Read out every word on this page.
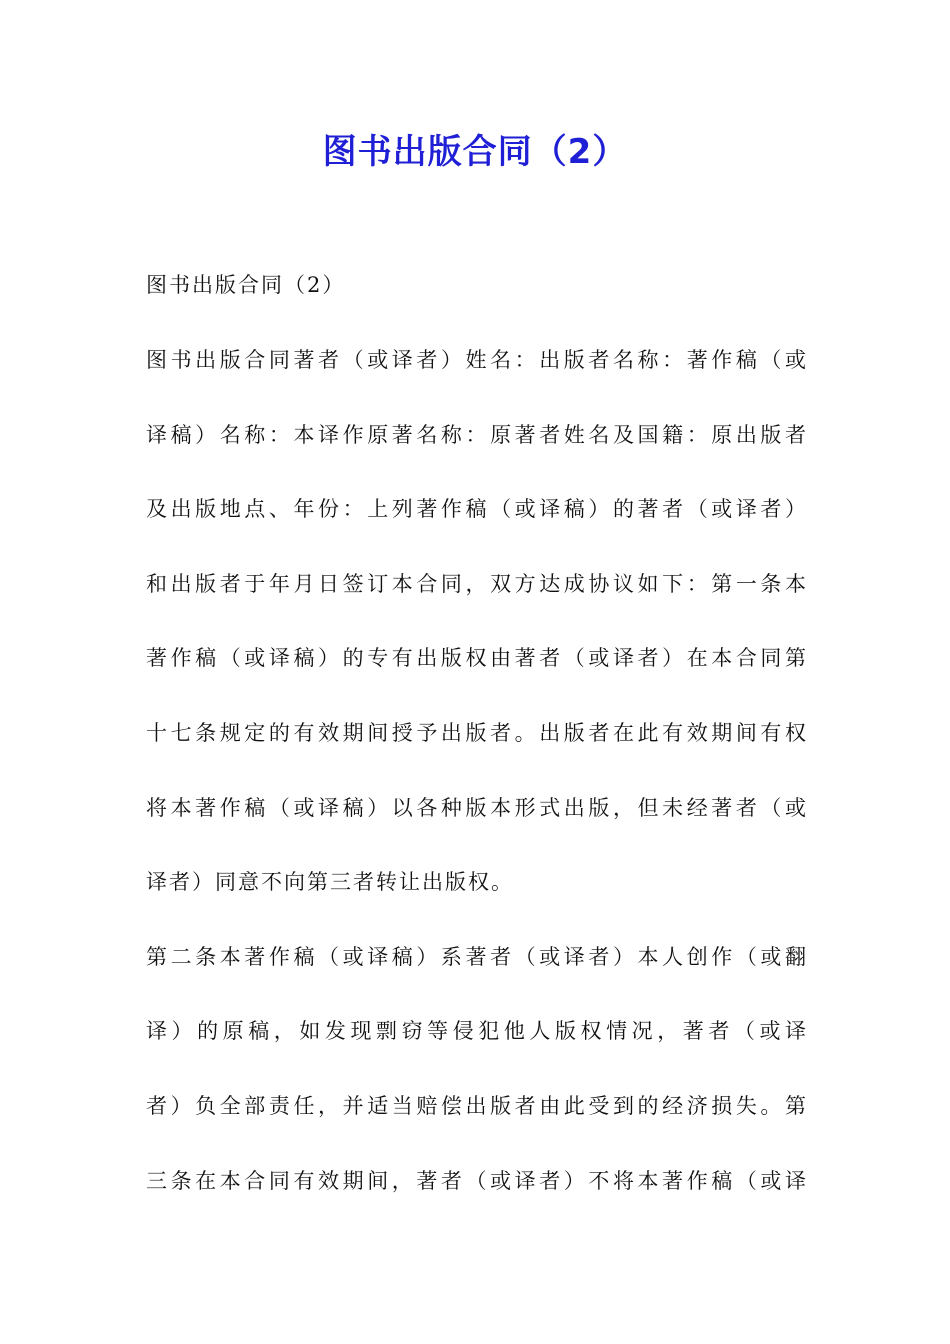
图书出版合同（2）
图书出版合同（2）
图书出版合同著者（或译者）姓名：出版者名称：著作稿（或
译稿）名称：本译作原著名称：原著者姓名及国籍：原出版者
及出版地点、年份：上列著作稿（或译稿）的著者（或译者）
和出版者于年月日签订本合同，双方达成协议如下：第一条本
著作稿（或译稿）的专有出版权由著者（或译者）在本合同第
十七条规定的有效期间授予出版者。出版者在此有效期间有权
将本著作稿（或译稿）以各种版本形式出版，但未经著者（或
译者）同意不向第三者转让出版权。
第二条本著作稿（或译稿）系著者（或译者）本人创作（或翻
译）的原稿，如发现剽窃等侵犯他人版权情况，著者（或译
者）负全部责任，并适当赔偿出版者由此受到的经济损失。第
三条在本合同有效期间，著者（或译者）不将本著作稿（或译
